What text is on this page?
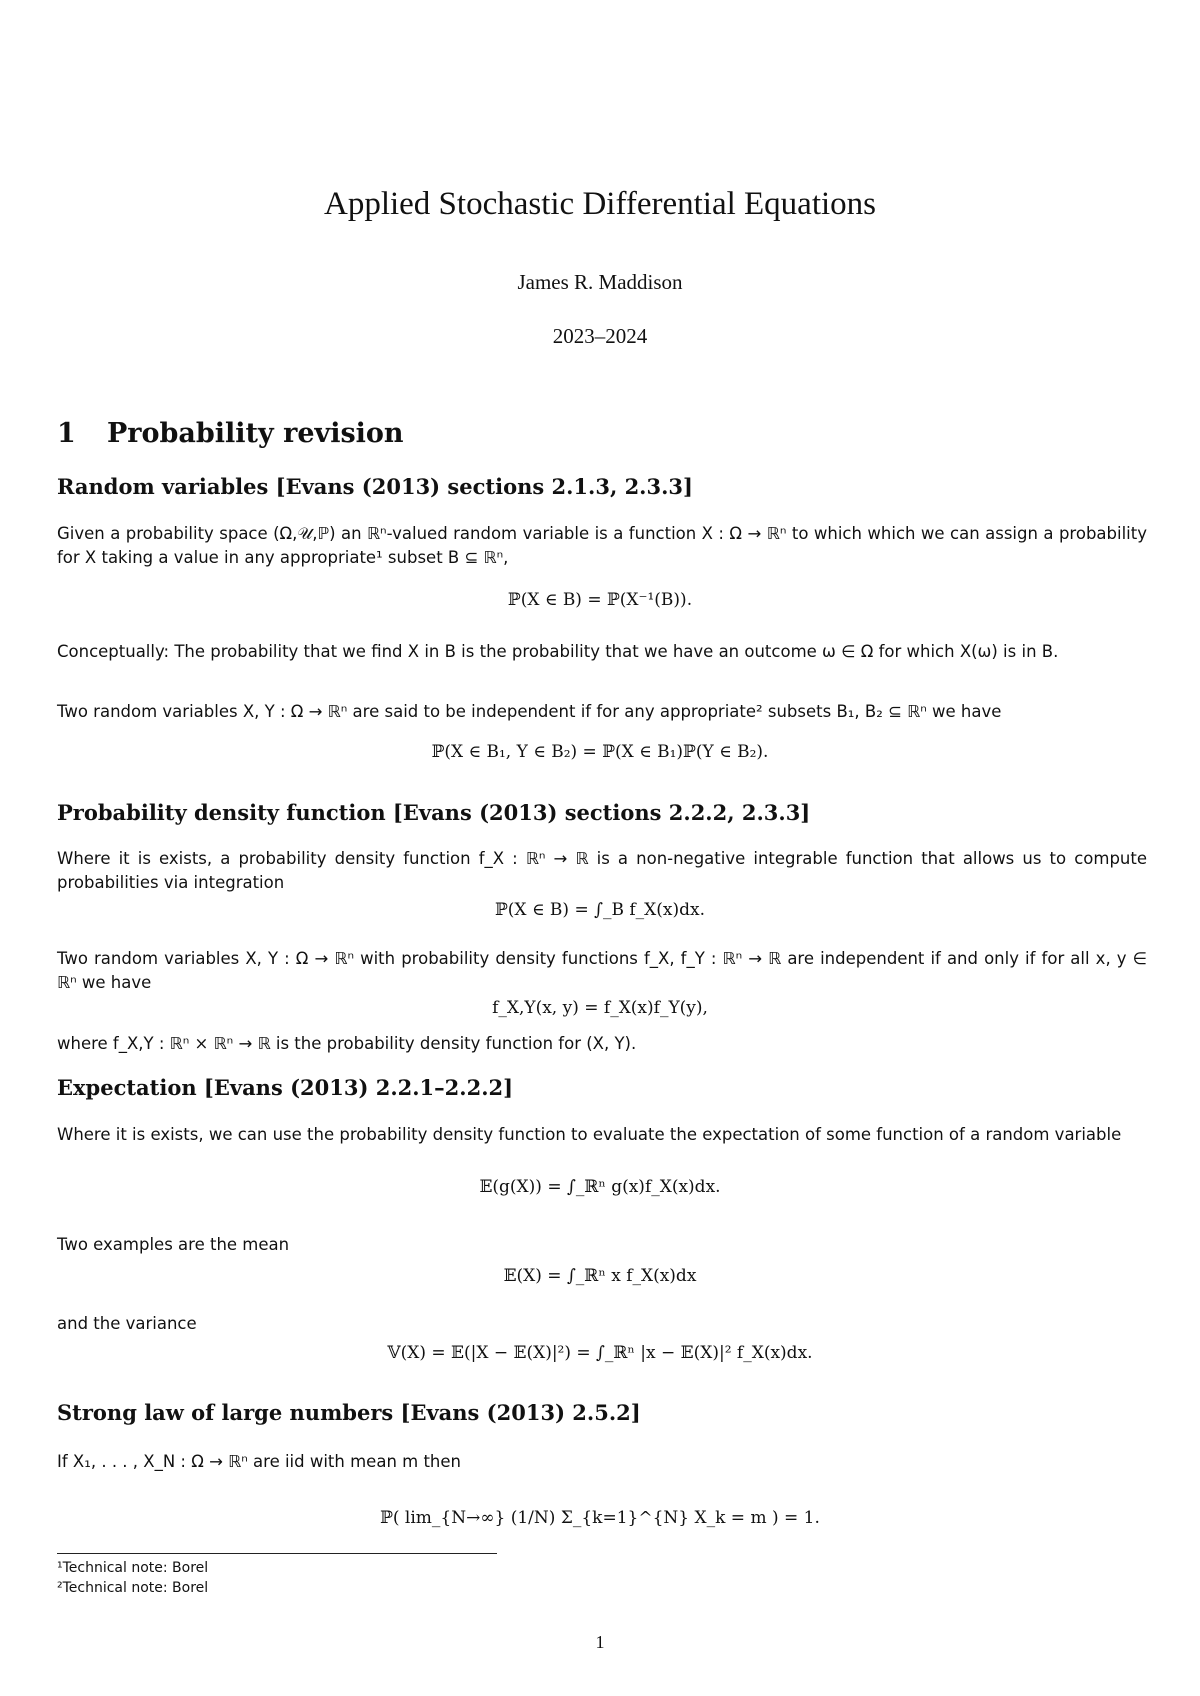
Applied Stochastic Differential Equations
James R. Maddison
2023–2024
1 Probability revision
Random variables [Evans (2013) sections 2.1.3, 2.3.3]
Given a probability space (Ω,𝒰,ℙ) an ℝⁿ-valued random variable is a function X : Ω → ℝⁿ to which which we can assign a probability for X taking a value in any appropriate¹ subset B ⊆ ℝⁿ,
ℙ(X ∈ B) = ℙ(X⁻¹(B)).
Conceptually: The probability that we find X in B is the probability that we have an outcome ω ∈ Ω for which X(ω) is in B.
Two random variables X, Y : Ω → ℝⁿ are said to be independent if for any appropriate² subsets B₁, B₂ ⊆ ℝⁿ we have
ℙ(X ∈ B₁, Y ∈ B₂) = ℙ(X ∈ B₁)ℙ(Y ∈ B₂).
Probability density function [Evans (2013) sections 2.2.2, 2.3.3]
Where it is exists, a probability density function f_X : ℝⁿ → ℝ is a non-negative integrable function that allows us to compute probabilities via integration
ℙ(X ∈ B) = ∫_B f_X(x)dx.
Two random variables X, Y : Ω → ℝⁿ with probability density functions f_X, f_Y : ℝⁿ → ℝ are independent if and only if for all x, y ∈ ℝⁿ we have
f_X,Y(x, y) = f_X(x)f_Y(y),
where f_X,Y : ℝⁿ × ℝⁿ → ℝ is the probability density function for (X, Y).
Expectation [Evans (2013) 2.2.1–2.2.2]
Where it is exists, we can use the probability density function to evaluate the expectation of some function of a random variable
𝔼(g(X)) = ∫_ℝⁿ g(x)f_X(x)dx.
Two examples are the mean
𝔼(X) = ∫_ℝⁿ x f_X(x)dx
and the variance
𝕍(X) = 𝔼(|X − 𝔼(X)|²) = ∫_ℝⁿ |x − 𝔼(X)|² f_X(x)dx.
Strong law of large numbers [Evans (2013) 2.5.2]
If X₁, . . . , X_N : Ω → ℝⁿ are iid with mean m then
ℙ( lim_{N→∞} (1/N) Σ_{k=1}^{N} X_k = m ) = 1.
¹Technical note: Borel
²Technical note: Borel
1
